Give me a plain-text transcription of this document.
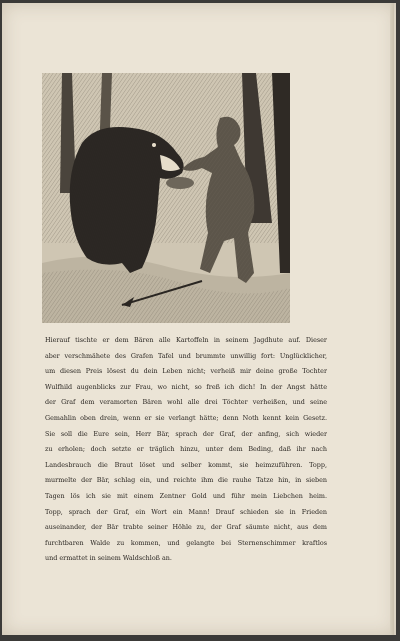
Hierauf tischte er dem Bären alle Kartoffeln in seinem Jagdhute auf. Dieser
aber verschmähete des Grafen Tafel und brummte unwillig fort: Unglücklicher,
um diesen Preis lösest du dein Leben nicht; verheiß mir deine große Tochter
Wulfhild augenblicks zur Frau, wo nicht, so freß ich dich! In der Angst hätte
der Graf dem veramorten Bären wohl alle drei Töchter verheißen, und seine
Gemahlin oben drein, wenn er sie verlangt hätte; denn Noth kennt kein Gesetz.
Sie soll die Eure sein, Herr Bär, sprach der Graf, der anfing, sich wieder
zu erholen; doch setzte er träglich hinzu, unter dem Beding, daß ihr nach
Landesbrauch die Braut löset und selber kommt, sie heimzuführen. Topp,
murmelte der Bär, schlag ein, und reichte ihm die rauhe Tatze hin, in sieben
Tagen lös ich sie mit einem Zentner Gold und führ mein Liebchen heim.
Topp, sprach der Graf, ein Wort ein Mann! Drauf schieden sie in Frieden
auseinander, der Bär trabte seiner Höhle zu, der Graf säumte nicht, aus dem
furchtbaren Walde zu kommen, und gelangte bei Sternenschimmer kraftlos
und ermattet in seinem Waldschloß an.
